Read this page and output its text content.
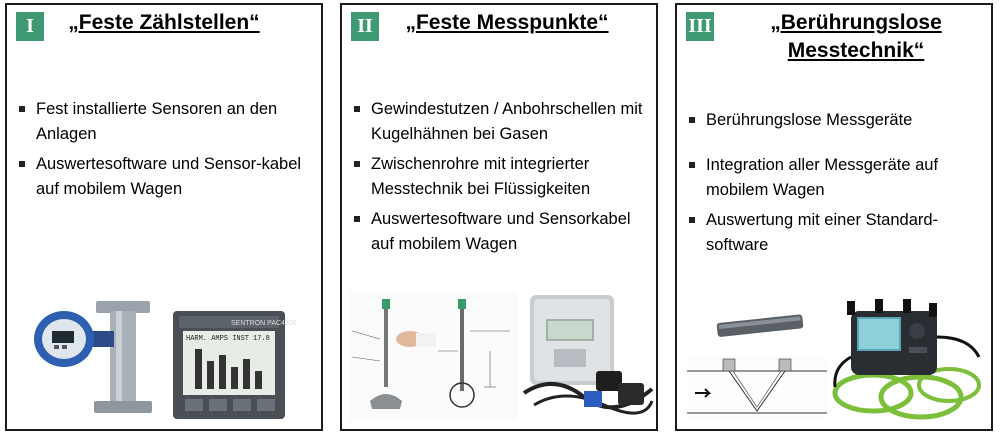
I	„Feste Zählstellen“
Fest installierte Sensoren an den Anlagen
Auswertesoftware und Sensor-kabel auf mobilem Wagen
SENTRON PAC4200
HARM. AMPS INST 17.8
II	„Feste Messpunkte“
Gewindestutzen / Anbohrschellen mit Kugelhähnen bei Gasen
Zwischenrohre mit integrierter Messtechnik bei Flüssigkeiten
Auswertesoftware und Sensorkabel auf mobilem Wagen
III	„Berührungslose Messtechnik“
Berührungslose Messgeräte
Integration aller Messgeräte auf mobilem Wagen
Auswertung mit einer Standard-software
